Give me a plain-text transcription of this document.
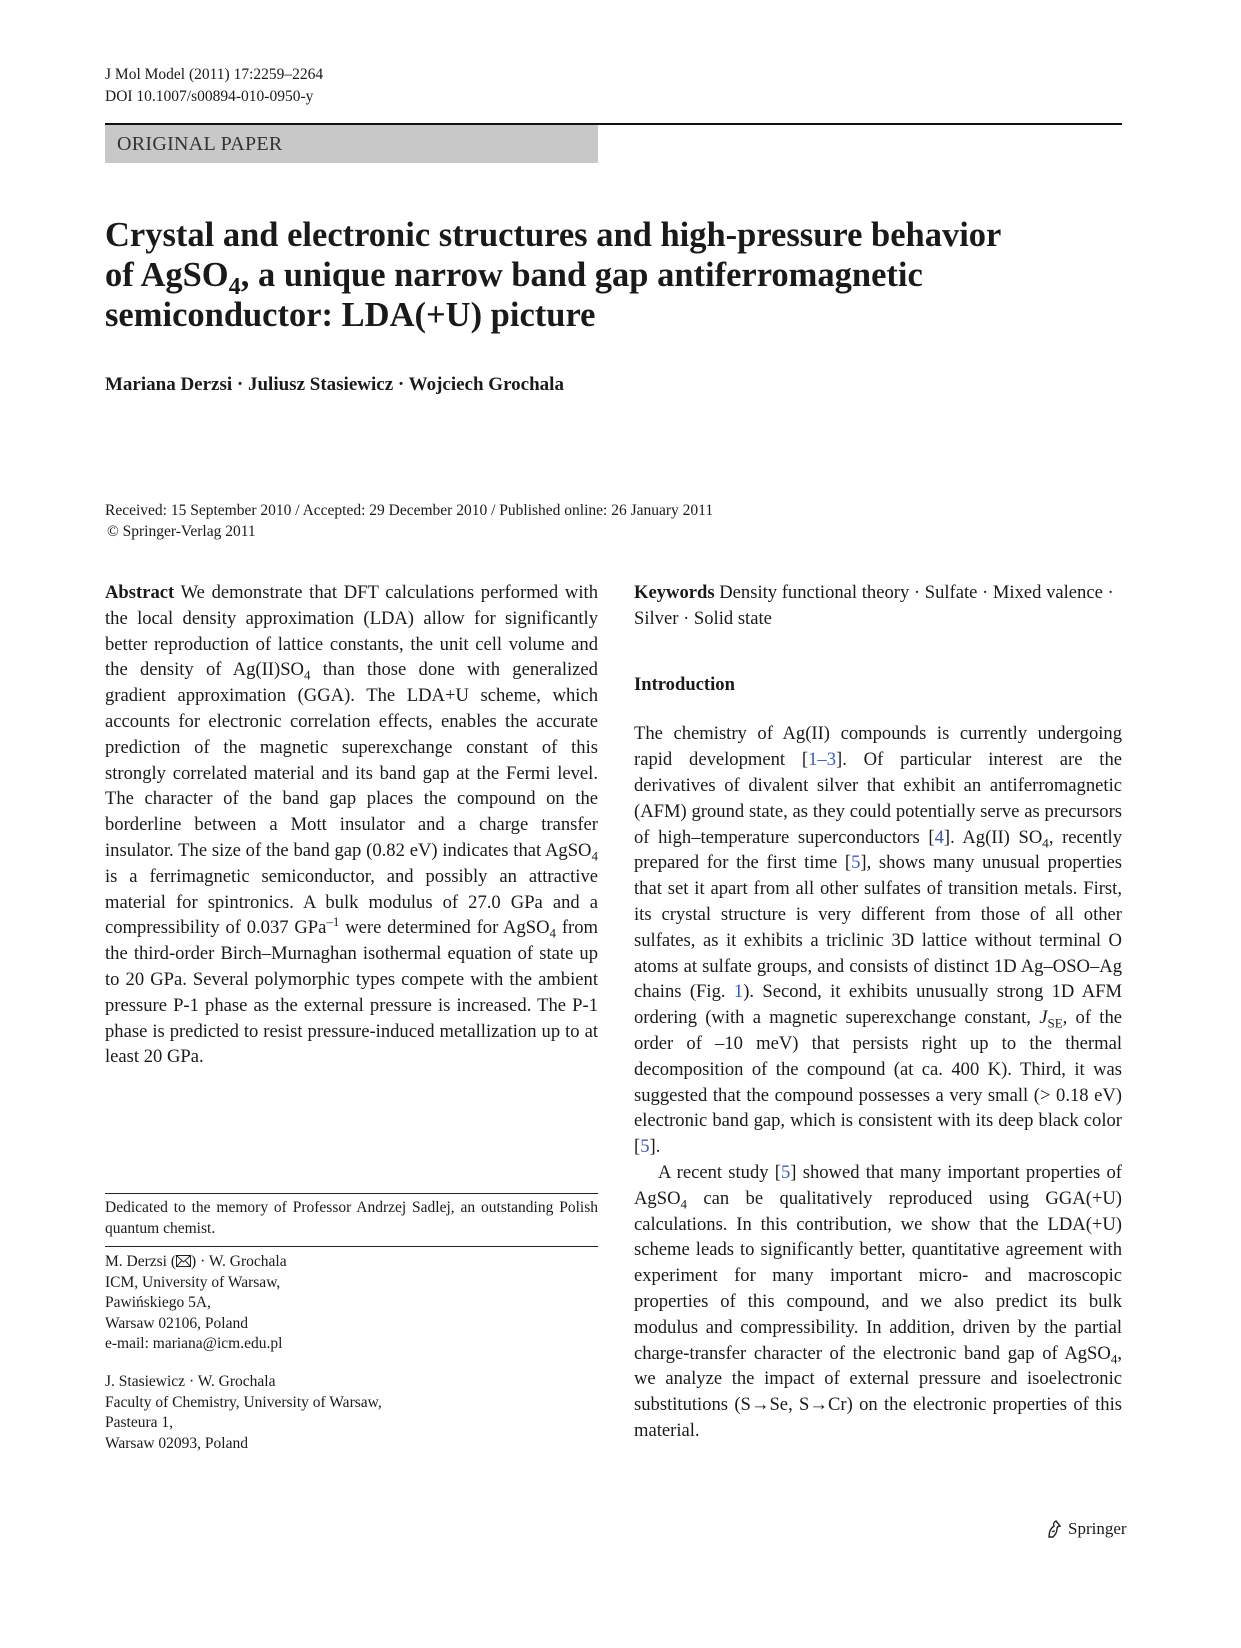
J Mol Model (2011) 17:2259–2264
DOI 10.1007/s00894-010-0950-y
ORIGINAL PAPER
Crystal and electronic structures and high-pressure behavior
of AgSO$_4$, a unique narrow band gap antiferromagnetic
semiconductor: LDA(+U) picture
Mariana Derzsi · Juliusz Stasiewicz · Wojciech Grochala
Received: 15 September 2010 / Accepted: 29 December 2010 / Published online: 26 January 2011
© Springer-Verlag 2011

Abstract We demonstrate that DFT calculations performed with the local density approximation (LDA) allow for significantly better reproduction of lattice constants, the unit cell volume and the density of $Ag(II)SO_4$ than those done with generalized gradient approximation (GGA). The LDA+U scheme, which accounts for electronic correlation effects, enables the accurate prediction of the magnetic superexchange constant of this strongly correlated material and its band gap at the Fermi level. The character of the band gap places the compound on the borderline between a Mott insulator and a charge transfer insulator. The size of the band gap (0.82 eV) indicates that AgSO$_4$ is a ferrimagnetic semiconductor, and possibly an attractive material for spintronics. A bulk modulus of 27.0 GPa and a compressibility of 0.037 GPa$^{-1}$ were determined for AgSO$_4$ from the third-order Birch–Murnaghan isothermal equation of state up to 20 GPa. Several polymorphic types compete with the ambient pressure P-1 phase as the external pressure is increased. The P-1 phase is predicted to resist pressure-induced metallization up to at least 20 GPa.

Dedicated to the memory of Professor Andrzej Sadlej, an outstanding Polish quantum chemist.
M. Derzsi ( ) · W. Grochala
ICM, University of Warsaw,
Pawińskiego 5A,
Warsaw 02106, Poland
e-mail: mariana@icm.edu.pl
J. Stasiewicz · W. Grochala
Faculty of Chemistry, University of Warsaw,
Pasteura 1,
Warsaw 02093, Poland

Keywords Density functional theory · Sulfate · Mixed valence · Silver · Solid state

Introduction

The chemistry of Ag(II) compounds is currently undergoing rapid development [1–3]. Of particular interest are the derivatives of divalent silver that exhibit an antiferromagnetic (AFM) ground state, as they could potentially serve as precursors of high–temperature superconductors [4]. Ag(II) $SO_4$, recently prepared for the first time [5], shows many unusual properties that set it apart from all other sulfates of transition metals. First, its crystal structure is very different from those of all other sulfates, as it exhibits a triclinic 3D lattice without terminal O atoms at sulfate groups, and consists of distinct 1D Ag–OSO–Ag chains (Fig. 1). Second, it exhibits unusually strong 1D AFM ordering (with a magnetic superexchange constant, $J_{SE}$, of the order of –10 meV) that persists right up to the thermal decomposition of the compound (at ca. 400 K). Third, it was suggested that the compound possesses a very small (> 0.18 eV) electronic band gap, which is consistent with its deep black color [5].

A recent study [5] showed that many important properties of AgSO$_4$ can be qualitatively reproduced using GGA(+U) calculations. In this contribution, we show that the LDA(+U) scheme leads to significantly better, quantitative agreement with experiment for many important micro- and macroscopic properties of this compound, and we also predict its bulk modulus and compressibility. In addition, driven by the partial charge-transfer character of the electronic band gap of AgSO$_4$, we analyze the impact of external pressure and isoelectronic substitutions (S→Se, S→Cr) on the electronic properties of this material.

Springer
